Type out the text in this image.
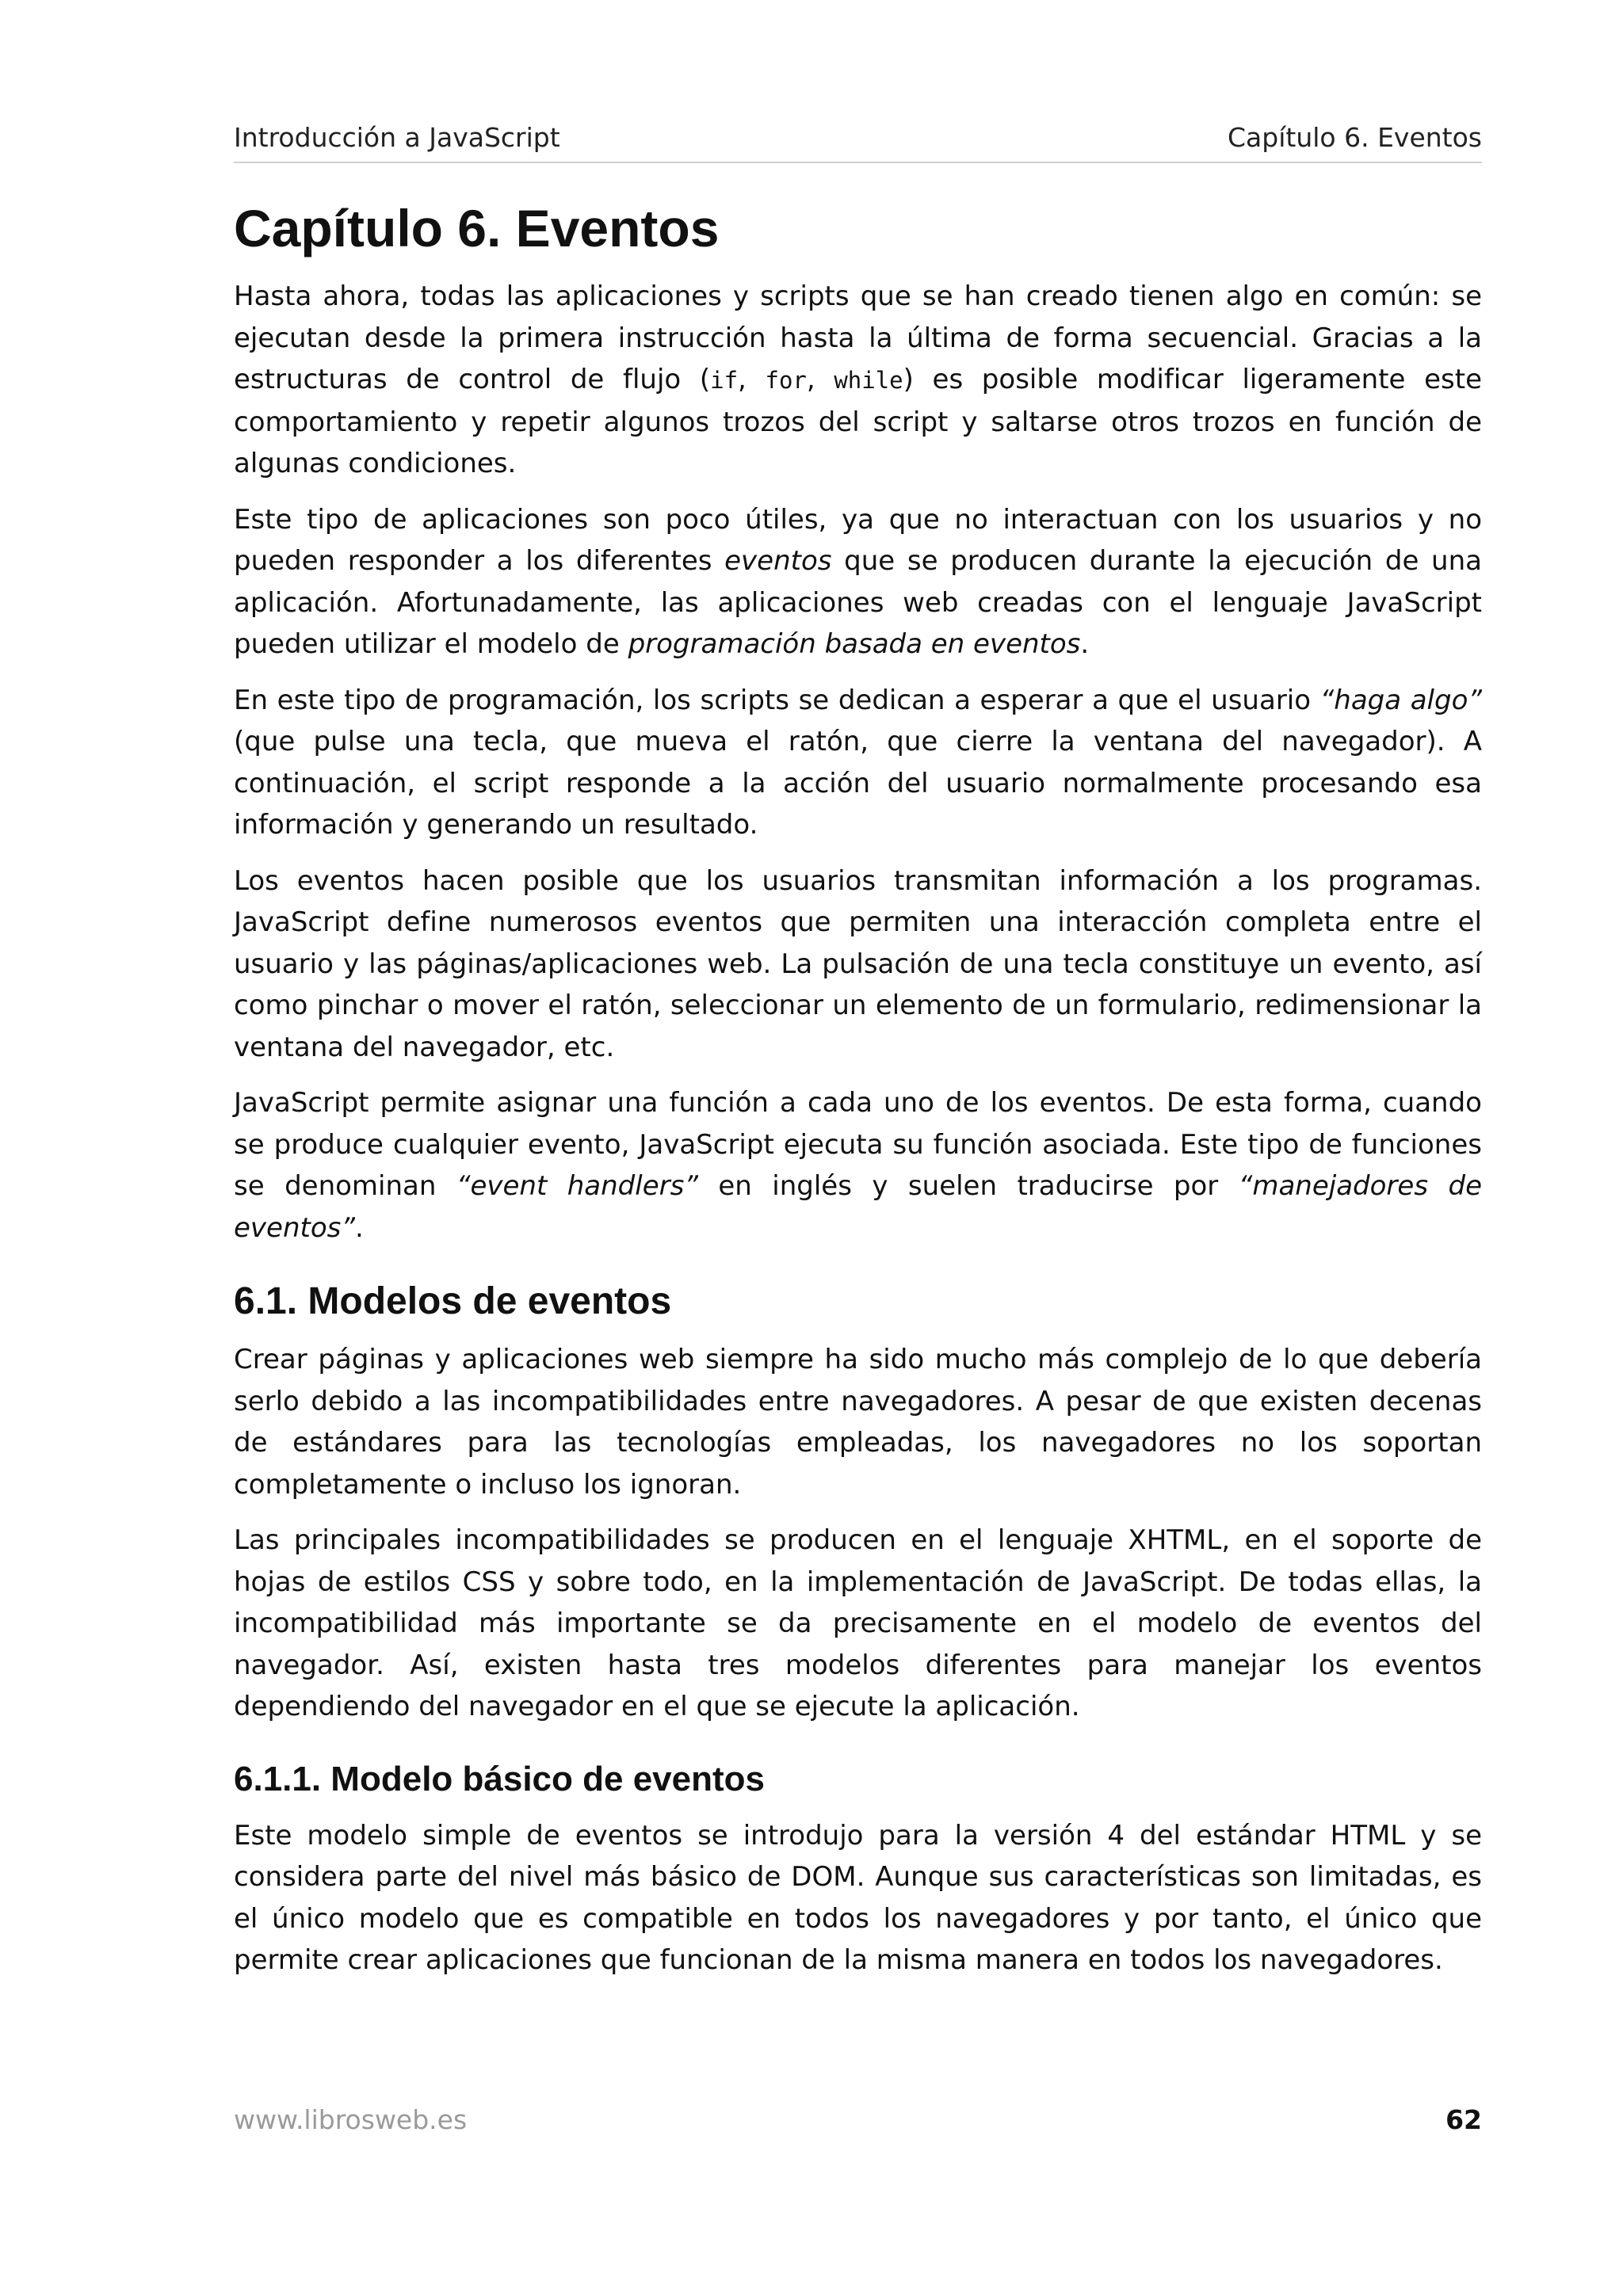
Introducción a JavaScript	Capítulo 6. Eventos
Capítulo 6. Eventos

Hasta ahora, todas las aplicaciones y scripts que se han creado tienen algo en común: se ejecutan desde la primera instrucción hasta la última de forma secuencial. Gracias a la estructuras de control de flujo (if, for, while) es posible modificar ligeramente este comportamiento y repetir algunos trozos del script y saltarse otros trozos en función de algunas condiciones.

Este tipo de aplicaciones son poco útiles, ya que no interactuan con los usuarios y no pueden responder a los diferentes eventos que se producen durante la ejecución de una aplicación. Afortunadamente, las aplicaciones web creadas con el lenguaje JavaScript pueden utilizar el modelo de programación basada en eventos.

En este tipo de programación, los scripts se dedican a esperar a que el usuario “haga algo” (que pulse una tecla, que mueva el ratón, que cierre la ventana del navegador). A continuación, el script responde a la acción del usuario normalmente procesando esa información y generando un resultado.

Los eventos hacen posible que los usuarios transmitan información a los programas. JavaScript define numerosos eventos que permiten una interacción completa entre el usuario y las páginas/aplicaciones web. La pulsación de una tecla constituye un evento, así como pinchar o mover el ratón, seleccionar un elemento de un formulario, redimensionar la ventana del navegador, etc.

JavaScript permite asignar una función a cada uno de los eventos. De esta forma, cuando se produce cualquier evento, JavaScript ejecuta su función asociada. Este tipo de funciones se denominan “event handlers” en inglés y suelen traducirse por “manejadores de eventos”.

6.1. Modelos de eventos

Crear páginas y aplicaciones web siempre ha sido mucho más complejo de lo que debería serlo debido a las incompatibilidades entre navegadores. A pesar de que existen decenas de estándares para las tecnologías empleadas, los navegadores no los soportan completamente o incluso los ignoran.

Las principales incompatibilidades se producen en el lenguaje XHTML, en el soporte de hojas de estilos CSS y sobre todo, en la implementación de JavaScript. De todas ellas, la incompatibilidad más importante se da precisamente en el modelo de eventos del navegador. Así, existen hasta tres modelos diferentes para manejar los eventos dependiendo del navegador en el que se ejecute la aplicación.

6.1.1. Modelo básico de eventos

Este modelo simple de eventos se introdujo para la versión 4 del estándar HTML y se considera parte del nivel más básico de DOM. Aunque sus características son limitadas, es el único modelo que es compatible en todos los navegadores y por tanto, el único que permite crear aplicaciones que funcionan de la misma manera en todos los navegadores.

www.librosweb.es	62
